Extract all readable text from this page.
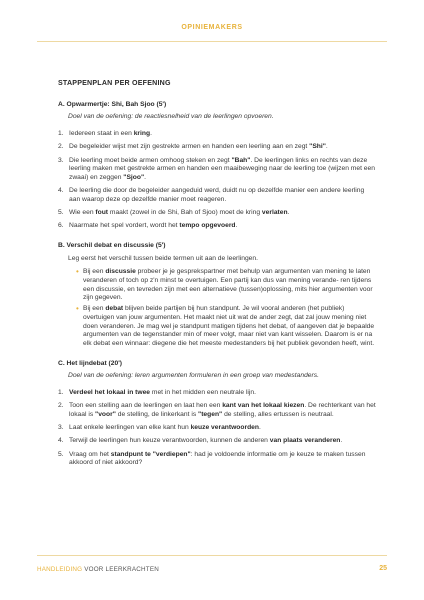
OPINIEMAKERS
STAPPENPLAN PER OEFENING
A. Opwarmertje: Shi, Bah Sjoo (5')
Doel van de oefening: de reactiesnelheid van de leerlingen opvoeren.
1. Iedereen staat in een kring.
2. De begeleider wijst met zijn gestrekte armen en handen een leerling aan en zegt "Shi".
3. Die leerling moet beide armen omhoog steken en zegt "Bah". De leerlingen links en rechts van deze leerling maken met gestrekte armen en handen een maaibeweging naar de leerling toe (wijzen met een zwaai) en zeggen "Sjoo".
4. De leerling die door de begeleider aangeduid werd, duidt nu op dezelfde manier een andere leerling aan waarop deze op dezelfde manier moet reageren.
5. Wie een fout maakt (zowel in de Shi, Bah of Sjoo) moet de kring verlaten.
6. Naarmate het spel vordert, wordt het tempo opgevoerd.
B. Verschil debat en discussie (5')
Leg eerst het verschil tussen beide termen uit aan de leerlingen.
• Bij een discussie probeer je je gesprekspartner met behulp van argumenten van mening te laten veranderen of toch op z'n minst te overtuigen. Een partij kan dus van mening verande- ren tijdens een discussie, en tevreden zijn met een alternatieve (tussen)oplossing, mits hier argumenten voor zijn gegeven.
• Bij een debat blijven beide partijen bij hun standpunt. Je wil vooral anderen (het publiek) overtuigen van jouw argumenten. Het maakt niet uit wat de ander zegt, dat zal jouw mening niet doen veranderen. Je mag wel je standpunt matigen tijdens het debat, of aangeven dat je bepaalde argumenten van de tegenstander min of meer volgt, maar niet van kant wisselen. Daarom is er na elk debat een winnaar: diegene die het meeste medestanders bij het publiek gevonden heeft, wint.
C. Het lijndebat (20')
Doel van de oefening: leren argumenten formuleren in een groep van medestanders.
1. Verdeel het lokaal in twee met in het midden een neutrale lijn.
2. Toon een stelling aan de leerlingen en laat hen een kant van het lokaal kiezen. De rechterkant van het lokaal is "voor" de stelling, de linkerkant is "tegen" de stelling, alles ertussen is neutraal.
3. Laat enkele leerlingen van elke kant hun keuze verantwoorden.
4. Terwijl de leerlingen hun keuze verantwoorden, kunnen de anderen van plaats veranderen.
5. Vraag om het standpunt te "verdiepen": had je voldoende informatie om je keuze te maken tussen akkoord of niet akkoord?
HANDLEIDING VOOR LEERKRACHTEN	25
